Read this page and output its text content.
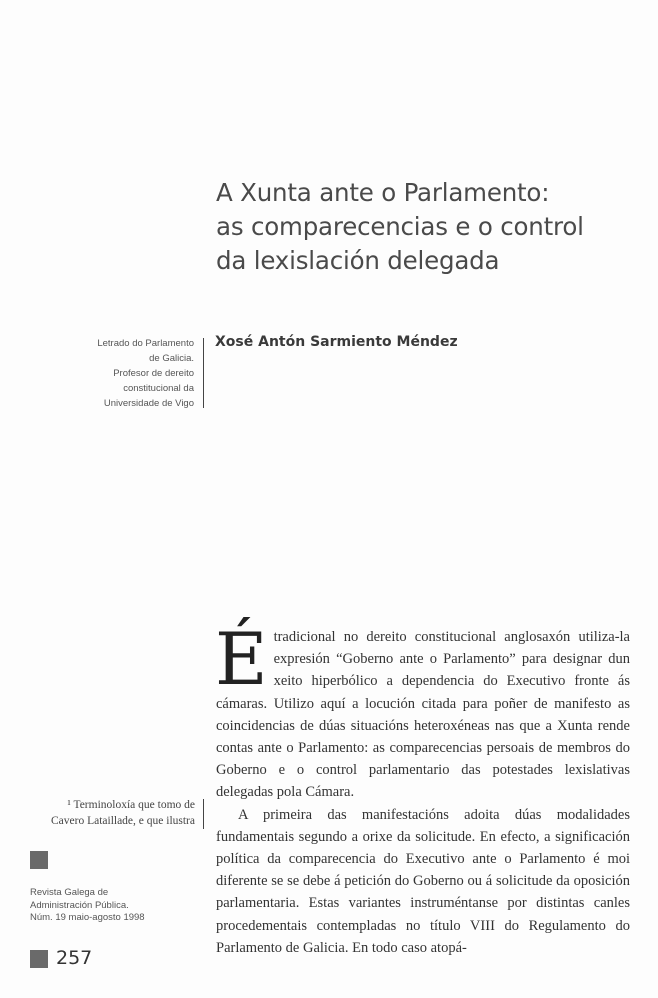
A Xunta ante o Parlamento:
as comparecencias e o control
da lexislación delegada
Letrado do Parlamento
de Galicia.
Profesor de dereito
constitucional da
Universidade de Vigo
Xosé Antón Sarmiento Méndez

Étradicional no dereito constitucional anglosaxón utiliza-la expresión “Goberno ante o Parlamento” para designar dun xeito hiperbólico a dependencia do Executivo fronte ás cámaras. Utilizo aquí a locución citada para poñer de manifesto as coincidencias de dúas situacións heteroxéneas nas que a Xunta rende contas ante o Parlamento: as comparecencias persoais de membros do Goberno e o control parlamentario das potestades lexislativas delegadas pola Cámara.

A primeira das manifestacións adoita dúas modalidades fundamentais segundo a orixe da solicitude. En efecto, a significación política da comparecencia do Executivo ante o Parlamento é moi diferente se se debe á petición do Goberno ou á solicitude da oposición parlamentaria. Estas variantes instruméntanse por distintas canles procedementais contempladas no título VIII do Regulamento do Parlamento de Galicia. En todo caso atopá-

¹ Terminoloxía que tomo de
Cavero Lataillade, e que ilustra
Revista Galega de
Administración Pública.
Núm. 19 maio-agosto 1998
257
